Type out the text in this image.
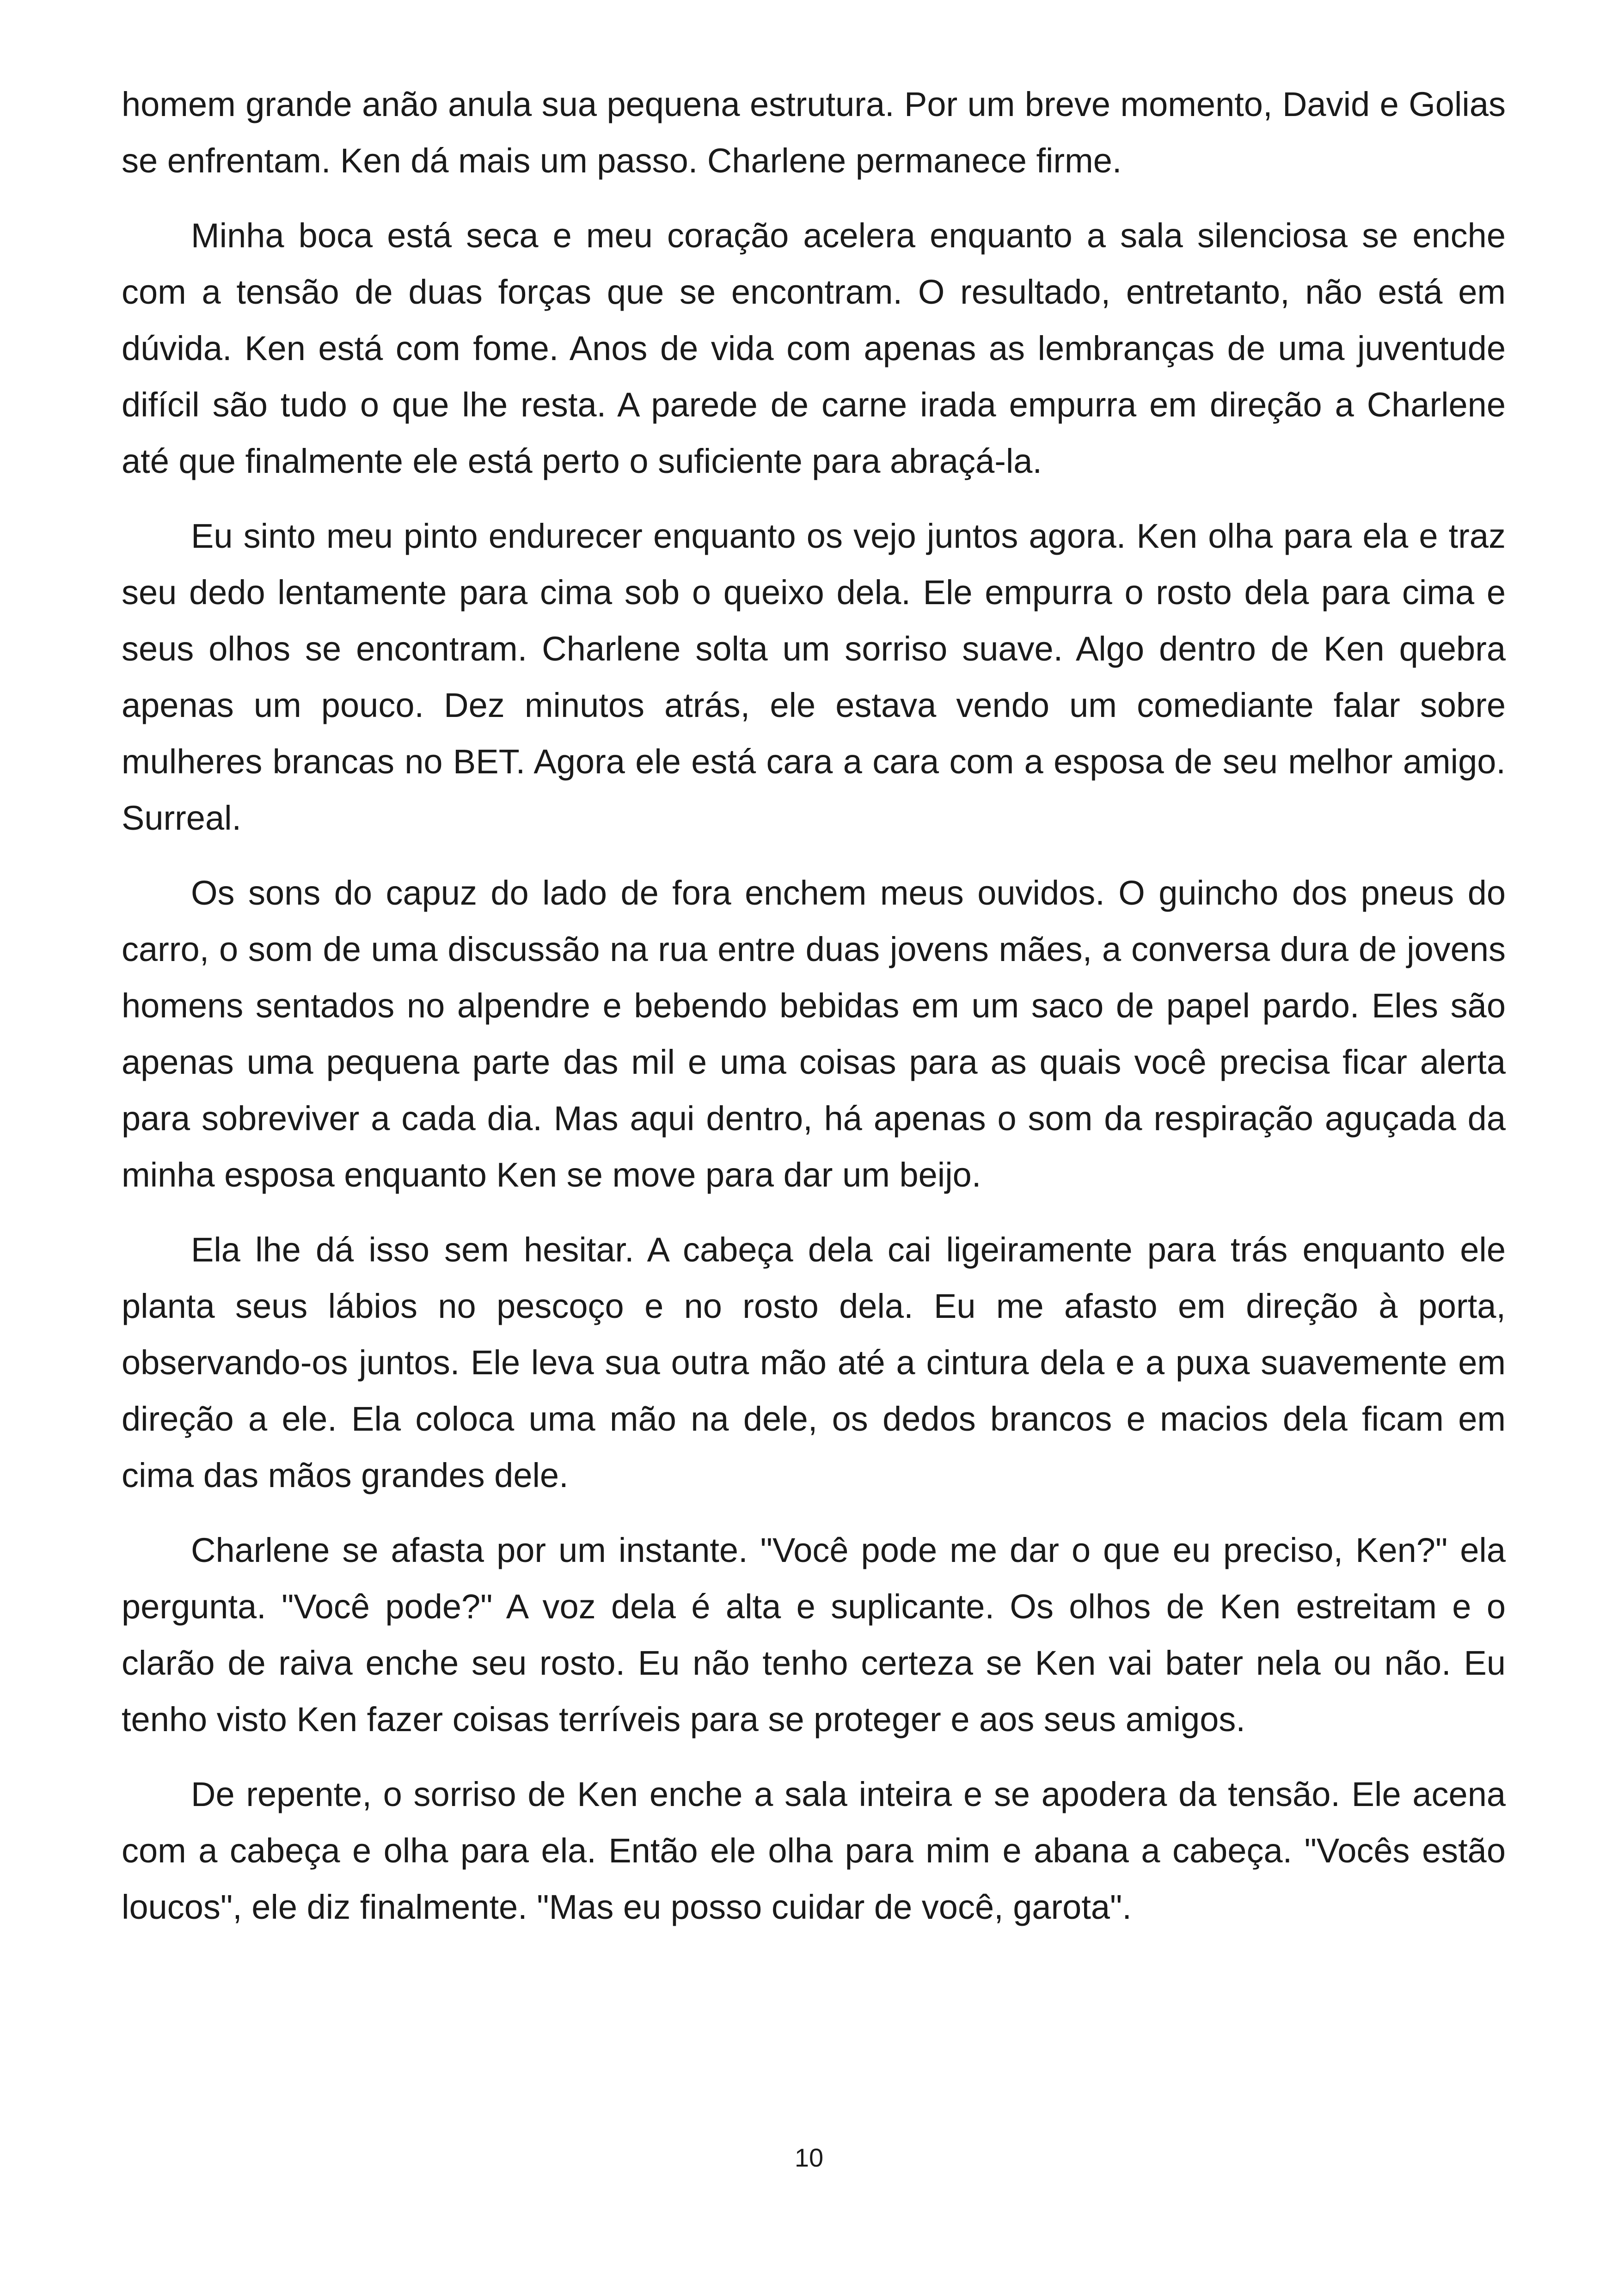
homem grande anão anula sua pequena estrutura. Por um breve momento, David e Golias se enfrentam. Ken dá mais um passo. Charlene permanece firme.

Minha boca está seca e meu coração acelera enquanto a sala silenciosa se enche com a tensão de duas forças que se encontram. O resultado, entretanto, não está em dúvida. Ken está com fome. Anos de vida com apenas as lembranças de uma juventude difícil são tudo o que lhe resta. A parede de carne irada empurra em direção a Charlene até que finalmente ele está perto o suficiente para abraçá-la.

Eu sinto meu pinto endurecer enquanto os vejo juntos agora. Ken olha para ela e traz seu dedo lentamente para cima sob o queixo dela. Ele empurra o rosto dela para cima e seus olhos se encontram. Charlene solta um sorriso suave. Algo dentro de Ken quebra apenas um pouco. Dez minutos atrás, ele estava vendo um comediante falar sobre mulheres brancas no BET. Agora ele está cara a cara com a esposa de seu melhor amigo. Surreal.

Os sons do capuz do lado de fora enchem meus ouvidos. O guincho dos pneus do carro, o som de uma discussão na rua entre duas jovens mães, a conversa dura de jovens homens sentados no alpendre e bebendo bebidas em um saco de papel pardo. Eles são apenas uma pequena parte das mil e uma coisas para as quais você precisa ficar alerta para sobreviver a cada dia. Mas aqui dentro, há apenas o som da respiração aguçada da minha esposa enquanto Ken se move para dar um beijo.

Ela lhe dá isso sem hesitar. A cabeça dela cai ligeiramente para trás enquanto ele planta seus lábios no pescoço e no rosto dela. Eu me afasto em direção à porta, observando-os juntos. Ele leva sua outra mão até a cintura dela e a puxa suavemente em direção a ele. Ela coloca uma mão na dele, os dedos brancos e macios dela ficam em cima das mãos grandes dele.

Charlene se afasta por um instante. "Você pode me dar o que eu preciso, Ken?" ela pergunta. "Você pode?" A voz dela é alta e suplicante. Os olhos de Ken estreitam e o clarão de raiva enche seu rosto. Eu não tenho certeza se Ken vai bater nela ou não. Eu tenho visto Ken fazer coisas terríveis para se proteger e aos seus amigos.

De repente, o sorriso de Ken enche a sala inteira e se apodera da tensão. Ele acena com a cabeça e olha para ela. Então ele olha para mim e abana a cabeça. "Vocês estão loucos", ele diz finalmente. "Mas eu posso cuidar de você, garota".

10
